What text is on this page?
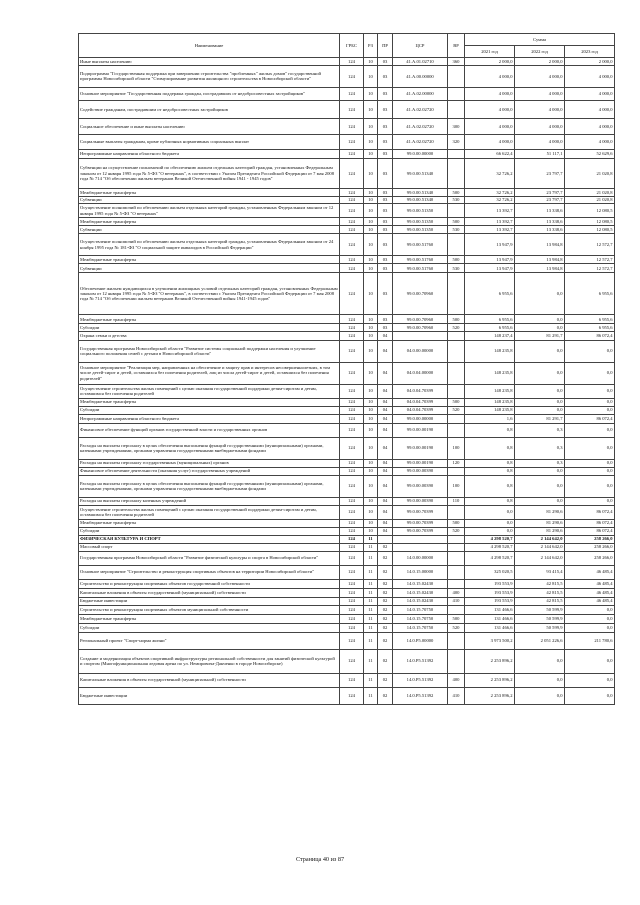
Наименование	ГРБС	РЗ	ПР	ЦСР	ВР	Сумма		
						2021 год	2022 год	2023 год
Иные выплаты населению	124	10	03	41.А.01.02710	360	2 000,0	2 000,0	2 000,0
Подпрограмма "Государственная поддержка при завершении строительства "проблемных" жилых домов" государственной программы Новосибирской области "Стимулирование развития жилищного строительства в Новосибирской области"	124	10	03	41.А.00.00000		4 000,0	4 000,0	4 000,0
Основное мероприятие "Государственная поддержка граждан, пострадавших от недобросовестных застройщиков"	124	10	03	41.А.02.00000		4 000,0	4 000,0	4 000,0
Содействие гражданам, пострадавшим от недобросовестных застройщиков	124	10	03	41.А.02.02720		4 000,0	4 000,0	4 000,0
Социальное обеспечение и иные выплаты населению	124	10	03	41.А.02.02720	300	4 000,0	4 000,0	4 000,0
Социальные выплаты гражданам, кроме публичных нормативных социальных выплат	124	10	03	41.А.02.02720	320	4 000,0	4 000,0	4 000,0
Непрограммные направления областного бюджета	124	10	03	99.0.00.00000		66 622,4	51 117,1	52 629,6
Субвенции на осуществление полномочий по обеспечению жильем отдельных категорий граждан, установленных Федеральным законом от 12 января 1995 года № 5-ФЗ "О ветеранах", в соответствии с Указом Президента Российской Федерации от 7 мая 2008 года № 714 "Об обеспечении жильем ветеранов Великой Отечественной войны 1941 - 1945 годов"	124	10	03	99.0.00.51340		32 726,2	23 797,7	21 020,8
Межбюджетные трансферты	124	10	03	99.0.00.51340	500	32 726,2	23 797,7	21 020,8
Субвенции	124	10	03	99.0.00.51340	530	32 726,2	23 797,7	21 020,8
Осуществление полномочий по обеспечению жильем отдельных категорий граждан, установленных Федеральным законом от 12 января 1995 года № 5-ФЗ "О ветеранах"	124	10	03	99.0.00.51350		13 392,7	13 338,6	12 080,5
Межбюджетные трансферты	124	10	03	99.0.00.51350	500	13 392,7	13 338,6	12 080,5
Субвенции	124	10	03	99.0.00.51350	530	13 392,7	13 338,6	12 080,5
Осуществление полномочий по обеспечению жильем отдельных категорий граждан, установленных Федеральным законом от 24 ноября 1995 года № 181-ФЗ "О социальной защите инвалидов в Российской Федерации"	124	10	03	99.0.00.51760		13 947,9	13 984,8	12 572,7
Межбюджетные трансферты	124	10	03	99.0.00.51760	500	13 947,9	13 984,8	12 572,7
Субвенции	124	10	03	99.0.00.51760	530	13 947,9	13 984,8	12 572,7
Обеспечение жильем нуждающихся в улучшении жилищных условий отдельных категорий граждан, установленных Федеральным законом от 12 января 1995 года № 5-ФЗ "О ветеранах", в соответствии с Указом Президента Российской Федерации от 7 мая 2008 года № 714 "Об обеспечении жильем ветеранов Великой Отечественной войны 1941-1945 годов"	124	10	03	99.0.00.70960		6 955,6	0,0	6 955,6
Межбюджетные трансферты	124	10	03	99.0.00.70960	500	6 955,6	0,0	6 955,6
Субсидии	124	10	03	99.0.00.70960	520	6 955,6	0,0	6 955,6
Охрана семьи и детства	124	10	04			148 237,4	81 291,7	86 072,4
Государственная программа Новосибирской области "Развитие системы социальной поддержки населения и улучшение социального положения семей с детьми в Новосибирской области"	124	10	04	04.0.00.00000		148 235,8	0,0	0,0
Основное мероприятие "Реализация мер, направленных на обеспечение и защиту прав и интересов несовершеннолетних, в том числе детей-сирот и детей, оставшихся без попечения родителей, лиц из числа детей-сирот и детей, оставшихся без попечения родителей"	124	10	04	04.0.04.00000		148 235,8	0,0	0,0
Осуществление строительства жилых помещений с целью оказания государственной поддержки детям-сиротам и детям, оставшимся без попечения родителей	124	10	04	04.0.04.70399		148 235,8	0,0	0,0
Межбюджетные трансферты	124	10	04	04.0.04.70399	500	148 235,8	0,0	0,0
Субсидии	124	10	04	04.0.04.70399	520	148 235,8	0,0	0,0
Непрограммные направления областного бюджета	124	10	04	99.0.00.00000		1,6	81 291,7	86 072,4
Финансовое обеспечение функций органов государственной власти и государственных органов	124	10	04	99.0.00.00190		0,8	0,3	0,0
Расходы на выплаты персоналу в целях обеспечения выполнения функций государственными (муниципальными) органами, казенными учреждениями, органами управления государственными внебюджетными фондами	124	10	04	99.0.00.00190	100	0,8	0,3	0,0
Расходы на выплаты персоналу государственных (муниципальных) органов	124	10	04	99.0.00.00190	120	0,8	0,3	0,0
Финансовое обеспечение деятельности (оказания услуг) государственных учреждений	124	10	04	99.0.00.00390		0,8	0,0	0,0
Расходы на выплаты персоналу в целях обеспечения выполнения функций государственными (муниципальными) органами, казенными учреждениями, органами управления государственными внебюджетными фондами	124	10	04	99.0.00.00390	100	0,8	0,0	0,0
Расходы на выплаты персоналу казенных учреждений	124	10	04	99.0.00.00390	110	0,8	0,0	0,0
Осуществление строительства жилых помещений с целью оказания государственной поддержки детям-сиротам и детям, оставшимся без попечения родителей	124	10	04	99.0.00.70399		0,0	81 290,6	86 072,4
Межбюджетные трансферты	124	10	04	99.0.00.70399	500	0,0	81 290,6	86 072,4
Субсидии	124	10	04	99.0.00.70399	520	0,0	81 290,6	86 072,4
ФИЗИЧЕСКАЯ КУЛЬТУРА И СПОРТ	124	11				4 298 520,7	2 144 642,0	258 266,0
Массовый спорт	124	11	02			4 298 520,7	2 144 642,0	258 266,0
Государственная программа Новосибирской области "Развитие физической культуры и спорта в Новосибирской области"	124	11	02	14.0.00.00000		4 298 520,7	2 144 642,0	258 266,0
Основное мероприятие "Строительство и реконструкция спортивных объектов на территории Новосибирской области"	124	11	02	14.0.15.00000		325 020,5	93 415,4	46 485,4
Строительство и реконструкция спортивных объектов государственной собственности	124	11	02	14.0.15.02430		193 553,9	42 815,5	46 485,4
Капитальные вложения в объекты государственной (муниципальной) собственности	124	11	02	14.0.15.02430	400	193 553,9	42 815,5	46 485,4
Бюджетные инвестиции	124	11	02	14.0.15.02430	410	193 553,9	42 815,5	46 485,4
Строительство и реконструкция спортивных объектов муниципальной собственности	124	11	02	14.0.15.70750		131 466,6	50 599,9	0,0
Межбюджетные трансферты	124	11	02	14.0.15.70750	500	131 466,6	50 599,9	0,0
Субсидии	124	11	02	14.0.15.70750	520	131 466,6	50 599,9	0,0
Региональный проект "Спорт-норма жизни"	124	11	02	14.0.Р5.00000		3 973 500,2	2 051 226,6	211 780,6
Создание и модернизация объектов спортивной инфраструктуры региональной собственности для занятий физической культурой и спортом (Многофункциональная ледовая арена по ул. Немировича-Данченко в городе Новосибирске)	124	11	02	14.0.Р5.51392		2 253 896,2	0,0	0,0
Капитальные вложения в объекты государственной (муниципальной) собственности	124	11	02	14.0.Р5.51392	400	2 253 896,2	0,0	0,0
Бюджетные инвестиции	124	11	02	14.0.Р5.51392	410	2 253 896,2	0,0	0,0
Страница 40 из 87
